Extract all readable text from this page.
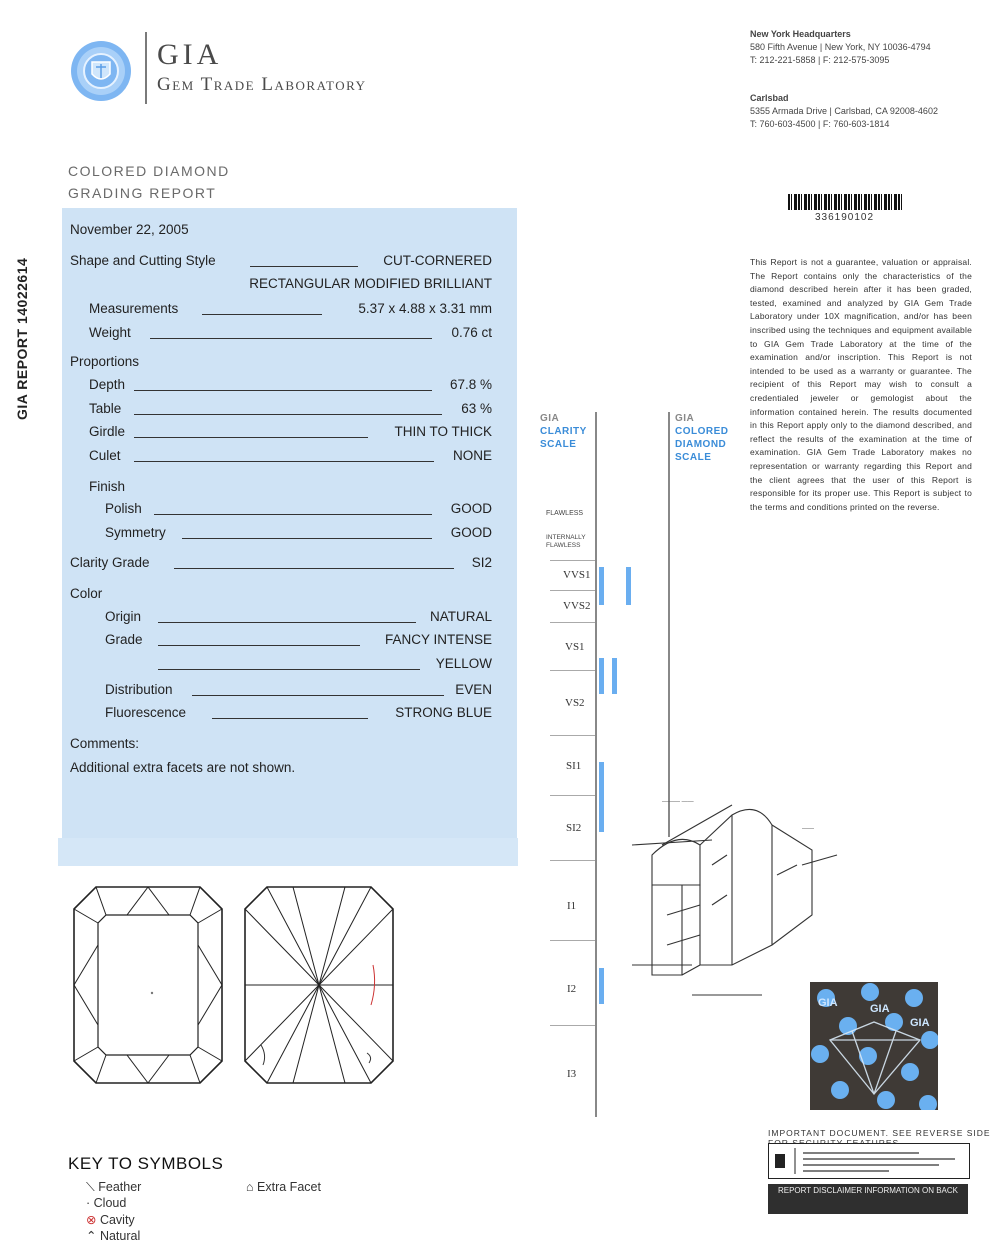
GIA
Gem Trade Laboratory
New York Headquarters
580 Fifth Avenue | New York, NY 10036-4794
T: 212-221-5858 | F: 212-575-3095
Carlsbad
5355 Armada Drive | Carlsbad, CA 92008-4602
T: 760-603-4500 | F: 760-603-1814
COLORED DIAMOND
GRADING REPORT
GIA REPORT 14022614
336190102
November 22, 2005
Shape and Cutting Style	CUT-CORNERED
RECTANGULAR MODIFIED BRILLIANT
Measurements	5.37 x 4.88 x 3.31 mm
Weight	0.76 ct
Proportions
Depth	67.8 %
Table	63 %
Girdle	THIN TO THICK
Culet	NONE
Finish
Polish	GOOD
Symmetry	GOOD
Clarity Grade	SI2
Color
Origin	NATURAL
Grade	FANCY INTENSE
YELLOW
Distribution	EVEN
Fluorescence	STRONG BLUE
Comments:
Additional extra facets are not shown.
GIA
CLARITY
SCALE
GIA
COLORED
DIAMOND
SCALE
FLAWLESS
INTERNALLY FLAWLESS
VVS1
VVS2
VS1
VS2
SI1
SI2
I1
I2
I3
——— ——
——
This Report is not a guarantee, valuation or appraisal. The Report contains only the characteristics of the diamond described herein after it has been graded, tested, examined and analyzed by GIA Gem Trade Laboratory under 10X magnification, and/or has been inscribed using the techniques and equipment available to GIA Gem Trade Laboratory at the time of the examination and/or inscription. This Report is not intended to be used as a warranty or guarantee. The recipient of this Report may wish to consult a credentialed jeweler or gemologist about the information contained herein. The results documented in this Report apply only to the diamond described, and reflect the results of the examination at the time of examination. GIA Gem Trade Laboratory makes no representation or warranty regarding this Report and the client agrees that the user of this Report is responsible for its proper use. This Report is subject to the terms and conditions printed on the reverse.
GIA	GIA
GIA
IMPORTANT DOCUMENT. SEE REVERSE SIDE
REPORT DISCLAIMER INFORMATION ON BACK
KEY TO SYMBOLS
⟍ Feather
· Cloud
⊗ Cavity
⌃ Natural
⌂ Extra Facet
